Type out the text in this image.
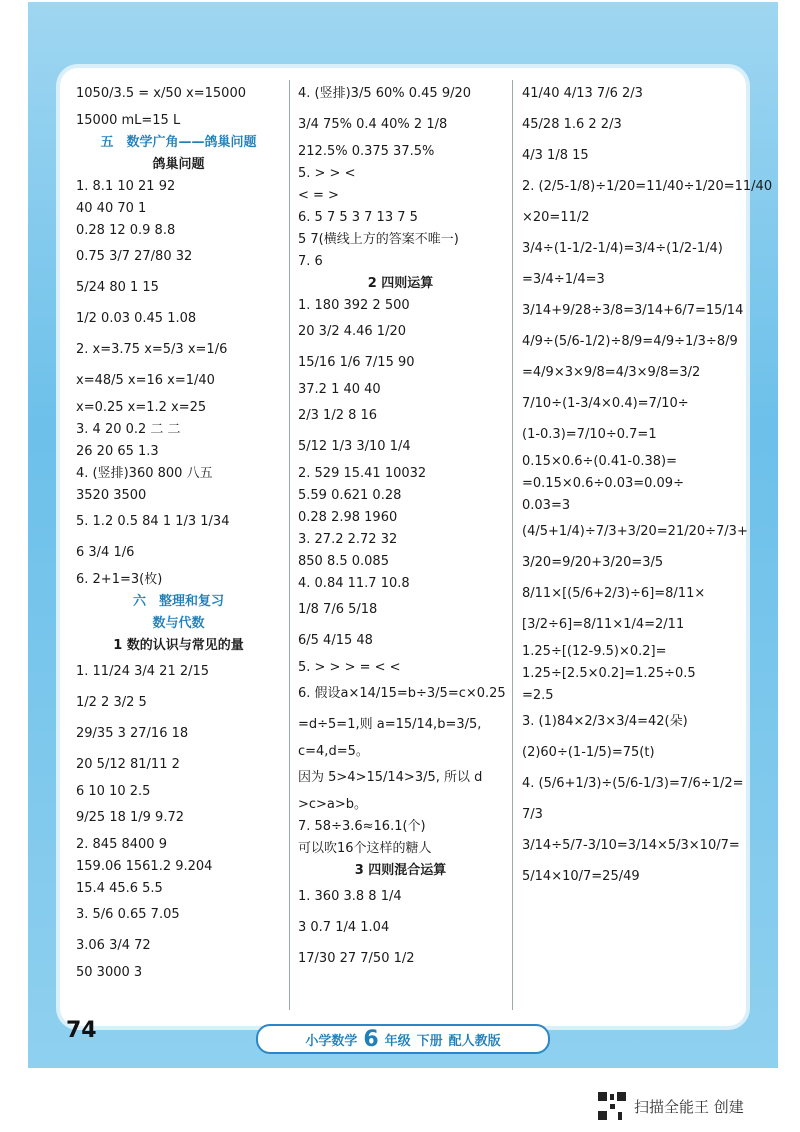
1050/3.5 = x/50 x=15000
15000 mL=15 L
五　数学广角——鸽巢问题
鸽巢问题
1. 8.1 10 21 92
40 40 70 1
0.28 12 0.9 8.8
0.75 3/7 27/80 32
5/24 80 1 15
1/2 0.03 0.45 1.08
2. x=3.75 x=5/3 x=1/6
x=48/5 x=16 x=1/40
x=0.25 x=1.2 x=25
3. 4 20 0.2 二 二
26 20 65 1.3
4. (竖排)360 800 八五
3520 3500
5. 1.2 0.5 84 1 1/3 1/34
6 3/4 1/6
6. 2+1=3(枚)
六　整理和复习
数与代数
1 数的认识与常见的量
1. 11/24 3/4 21 2/15
1/2 2 3/2 5
29/35 3 27/16 18
20 5/12 81/11 2
6 10 10 2.5
9/25 18 1/9 9.72
2. 845 8400 9
159.06 1561.2 9.204
15.4 45.6 5.5
3. 5/6 0.65 7.05
3.06 3/4 72
50 3000 3
4. (竖排)3/5 60% 0.45 9/20
3/4 75% 0.4 40% 2 1/8
212.5% 0.375 37.5%
5. > > <
< = >
6. 5 7 5 3 7 13 7 5
5 7(横线上方的答案不唯一)
7. 6
2 四则运算
1. 180 392 2 500
20 3/2 4.46 1/20
15/16 1/6 7/15 90
37.2 1 40 40
2/3 1/2 8 16
5/12 1/3 3/10 1/4
2. 529 15.41 10032
5.59 0.621 0.28
0.28 2.98 1960
3. 27.2 2.72 32
850 8.5 0.085
4. 0.84 11.7 10.8
1/8 7/6 5/18
6/5 4/15 48
5. > > > = < <
6. 假设a×14/15=b÷3/5=c×0.25
=d÷5=1,则 a=15/14,b=3/5,
c=4,d=5。
因为 5>4>15/14>3/5, 所以 d
>c>a>b。
7. 58÷3.6≈16.1(个)
可以吹16个这样的糖人
3 四则混合运算
1. 360 3.8 8 1/4
3 0.7 1/4 1.04
17/30 27 7/50 1/2
41/40 4/13 7/6 2/3
45/28 1.6 2 2/3
4/3 1/8 15
2. (2/5-1/8)÷1/20=11/40÷1/20=11/40
×20=11/2
3/4÷(1-1/2-1/4)=3/4÷(1/2-1/4)
=3/4÷1/4=3
3/14+9/28÷3/8=3/14+6/7=15/14
4/9÷(5/6-1/2)÷8/9=4/9÷1/3÷8/9
=4/9×3×9/8=4/3×9/8=3/2
7/10÷(1-3/4×0.4)=7/10÷
(1-0.3)=7/10÷0.7=1
0.15×0.6÷(0.41-0.38)=
=0.15×0.6÷0.03=0.09÷
0.03=3
(4/5+1/4)÷7/3+3/20=21/20÷7/3+
3/20=9/20+3/20=3/5
8/11×[(5/6+2/3)÷6]=8/11×
[3/2÷6]=8/11×1/4=2/11
1.25÷[(12-9.5)×0.2]=
1.25÷[2.5×0.2]=1.25÷0.5
=2.5
3. (1)84×2/3×3/4=42(朵)
(2)60÷(1-1/5)=75(t)
4. (5/6+1/3)÷(5/6-1/3)=7/6÷1/2=
7/3
3/14÷5/7-3/10=3/14×5/3×10/7=
5/14×10/7=25/49
74	小学数学 6 年级 下册 配人教版
扫描全能王 创建
